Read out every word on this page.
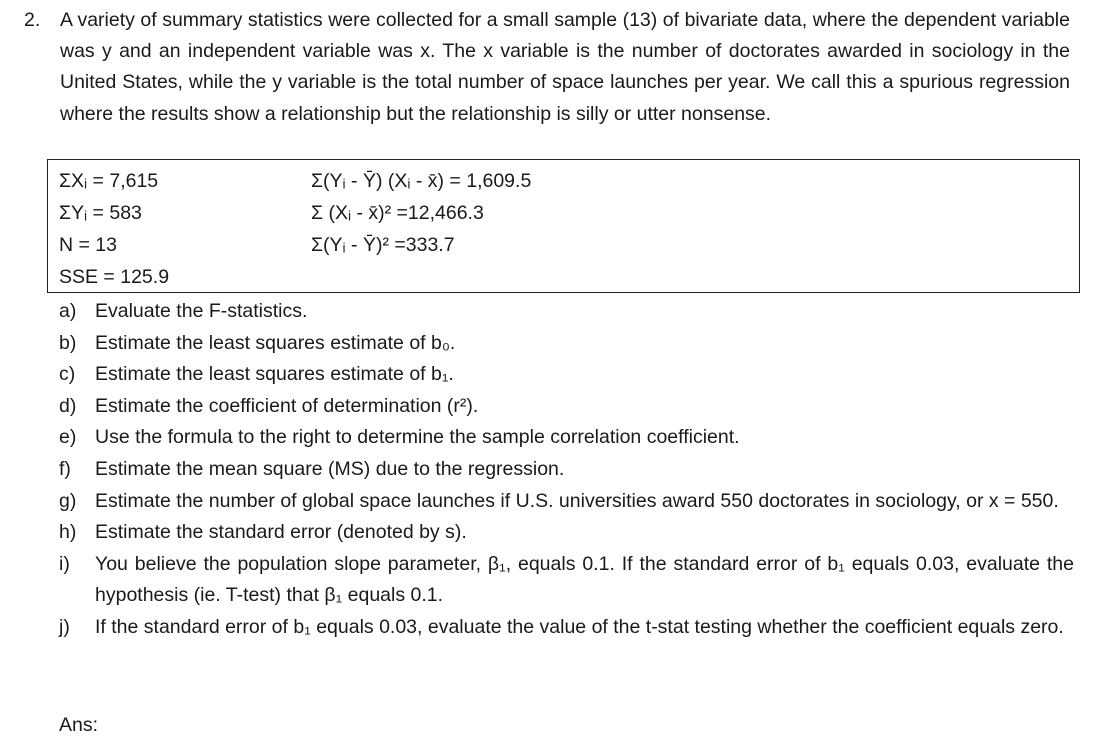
2. A variety of summary statistics were collected for a small sample (13) of bivariate data, where the dependent variable was y and an independent variable was x. The x variable is the number of doctorates awarded in sociology in the United States, while the y variable is the total number of space launches per year. We call this a spurious regression where the results show a relationship but the relationship is silly or utter nonsense.
ΣXᵢ = 7,615
ΣYᵢ = 583
N = 13
SSE = 125.9
Σ(Yᵢ - Ȳ) (Xᵢ - x̄) = 1,609.5
Σ (Xᵢ - x̄)² =12,466.3
Σ(Yᵢ - Ȳ)² =333.7
a) Evaluate the F-statistics.
b) Estimate the least squares estimate of b₀.
c) Estimate the least squares estimate of b₁.
d) Estimate the coefficient of determination (r²).
e) Use the formula to the right to determine the sample correlation coefficient.
f) Estimate the mean square (MS) due to the regression.
g) Estimate the number of global space launches if U.S. universities award 550 doctorates in sociology, or x = 550.
h) Estimate the standard error (denoted by s).
i) You believe the population slope parameter, β₁, equals 0.1. If the standard error of b₁ equals 0.03, evaluate the hypothesis (ie. T-test) that β₁ equals 0.1.
j) If the standard error of b₁ equals 0.03, evaluate the value of the t-stat testing whether the coefficient equals zero.
Ans:
